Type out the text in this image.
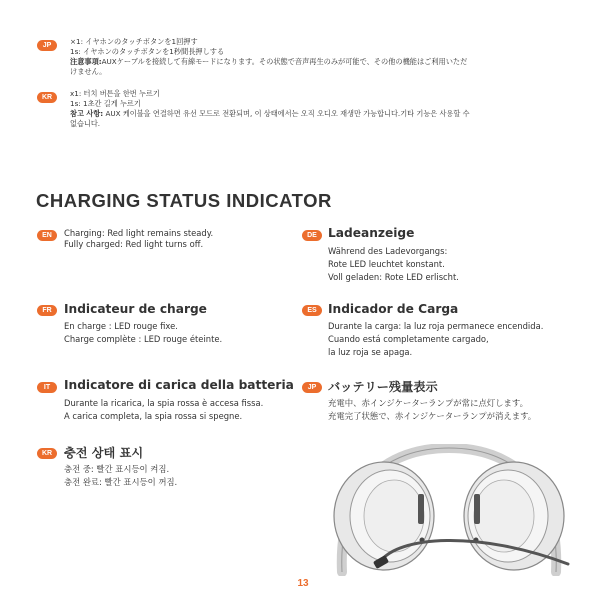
JP	×1: イヤホンのタッチボタンを1回押す
1s: イヤホンのタッチボタンを1秒間長押しする
注意事項:AUXケーブルを接続して有線モードになります。その状態で音声再生のみが可能で、その他の機能はご利用いただ
けません。
KR	x1: 터치 버튼을 한번 누르기
1s: 1초간 길게 누르기
참고 사항: AUX 케이블을 연결하면 유선 모드로 전환되며, 이 상태에서는 오직 오디오 재생만 가능합니다.기타 기능은 사용할 수
없습니다.
CHARGING STATUS INDICATOR
EN	Charging: Red light remains steady.
Fully charged: Red light turns off.
DE Ladeanzeige
Während des Ladevorgangs:
Rote LED leuchtet konstant.
Voll geladen: Rote LED erlischt.
FR	Indicateur de charge
En charge : LED rouge fixe.
Charge complète : LED rouge éteinte.
ES Indicador de Carga
Durante la carga: la luz roja permanece encendida.
Cuando está completamente cargado,
la luz roja se apaga.
IT	Indicatore di carica della batteria
Durante la ricarica, la spia rossa è accesa fissa.
A carica completa, la spia rossa si spegne.
JP バッテリー残量表示
充電中、赤インジケーターランプが常に点灯します。
充電完了状態で、赤インジケーターランプが消えます。
KR 충전 상태 표시
충전 중: 빨간 표시등이 켜짐.
충전 완료: 빨간 표시등이 꺼짐.
13
